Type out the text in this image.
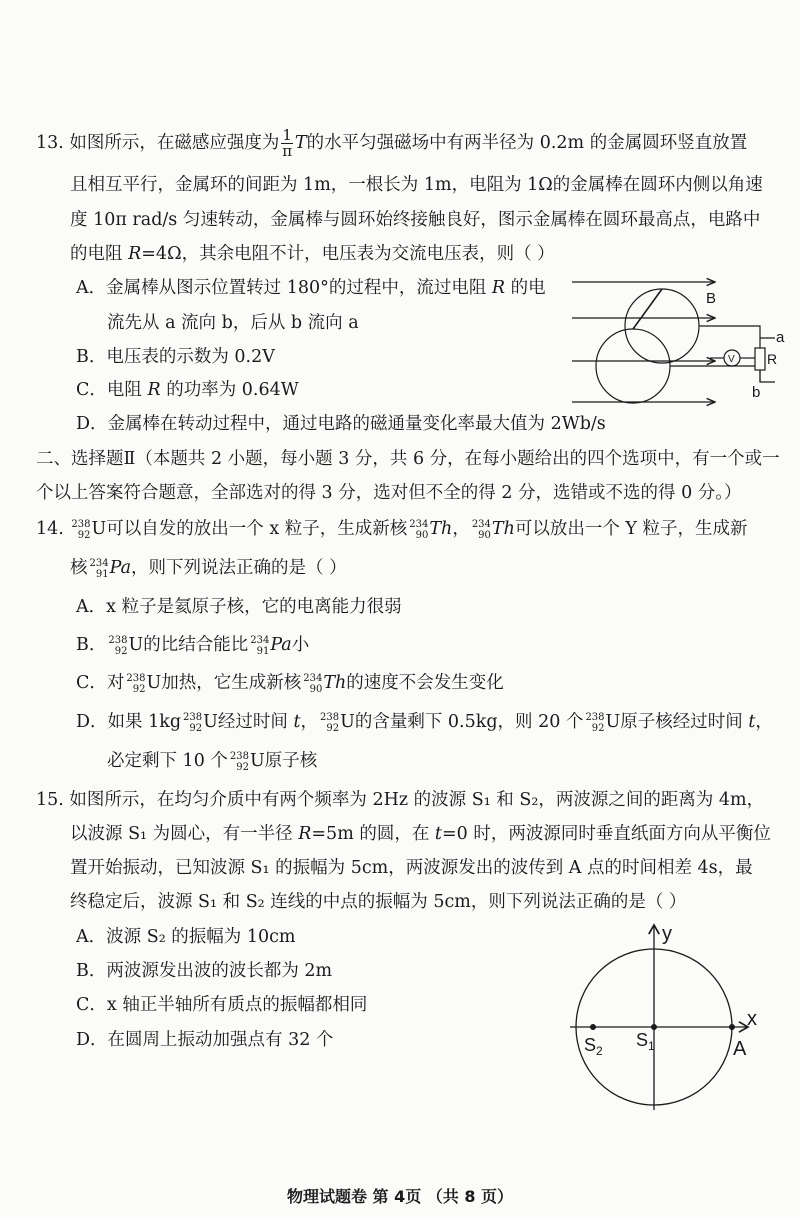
13. 如图所示，在磁感应强度为 $\frac{1}{\pi}$ T的水平匀强磁场中有两半径为 0.2m 的金属圆环竖直放置
且相互平行，金属环的间距为 1m，一根长为 1m，电阻为 1Ω的金属棒在圆环内侧以角速
度 10π rad/s 匀速转动，金属棒与圆环始终接触良好，图示金属棒在圆环最高点，电路中
的电阻 R=4Ω，其余电阻不计，电压表为交流电压表，则（ ）
A．金属棒从图示位置转过 180°的过程中，流过电阻 R 的电
流先从 a 流向 b，后从 b 流向 a
B．电压表的示数为 0.2V
C．电阻 R 的功率为 0.64W
D．金属棒在转动过程中，通过电路的磁通量变化率最大值为 2Wb/s
B
a
b
V R
二、选择题Ⅱ（本题共 2 小题，每小题 3 分，共 6 分，在每小题给出的四个选项中，有一个或一
个以上答案符合题意，全部选对的得 3 分，选对但不全的得 2 分，选错或不选的得 0 分。）
14. 238
92 U可以自发的放出一个 x 粒子，生成新核 234
90 Th， 234
90 Th可以放出一个 Y 粒子，生成新
核 234
91 Pa，则下列说法正确的是（ ）
A．x 粒子是氦原子核，它的电离能力很弱
B． 238
92 U的比结合能比 234
91 Pa小
C．对 238
92 U加热，它生成新核 234
90 Th的速度不会发生变化
D．如果 1kg 238
92 U经过时间 t， 238
92 U的含量剩下 0.5kg，则 20 个 238
92 U原子核经过时间 t，
必定剩下 10 个 238
92 U原子核
15. 如图所示，在均匀介质中有两个频率为 2Hz 的波源 S₁ 和 S₂，两波源之间的距离为 4m，
以波源 S₁ 为圆心，有一半径 R=5m 的圆，在 t=0 时，两波源同时垂直纸面方向从平衡位
置开始振动，已知波源 S₁ 的振幅为 5cm，两波源发出的波传到 A 点的时间相差 4s，最
终稳定后，波源 S₁ 和 S₂ 连线的中点的振幅为 5cm，则下列说法正确的是（ ）
A．波源 S₂ 的振幅为 10cm
B．两波源发出波的波长都为 2m
C．x 轴正半轴所有质点的振幅都相同
D．在圆周上振动加强点有 32 个
y
x
$S_2$
$S_1$	A
物理试题卷 第 4页 （共 8 页）
